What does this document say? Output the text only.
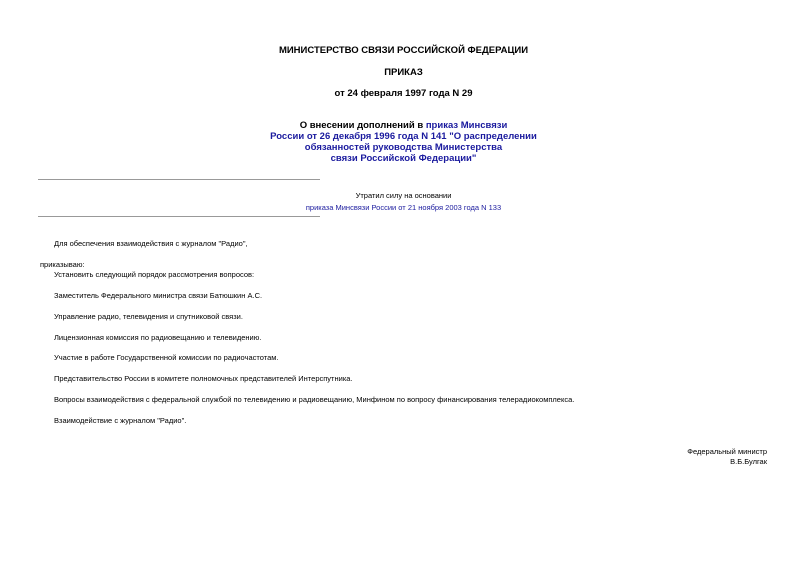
МИНИСТЕРСТВО СВЯЗИ РОССИЙСКОЙ ФЕДЕРАЦИИ
ПРИКАЗ
от 24 февраля 1997 года N 29
О внесении дополнений в приказ Минсвязи
России от 26 декабря 1996 года N 141 "О распределении
обязанностей руководства Министерства
связи Российской Федерации"
Утратил силу на основании
приказа Минсвязи России от 21 ноября 2003 года N 133
Для обеспечения взаимодействия с журналом "Радио",
приказываю:
Установить следующий порядок рассмотрения вопросов:
Заместитель Федерального министра связи Батюшкин А.С.
Управление радио, телевидения и спутниковой связи.
Лицензионная комиссия по радиовещанию и телевидению.
Участие в работе Государственной комиссии по радиочастотам.
Представительство России в комитете полномочных представителей Интерспутника.
Вопросы взаимодействия с федеральной службой по телевидению и радиовещанию, Минфином по вопросу финансирования телерадиокомплекса.
Взаимодействие с журналом "Радио".
Федеральный министр
В.Б.Булгак
